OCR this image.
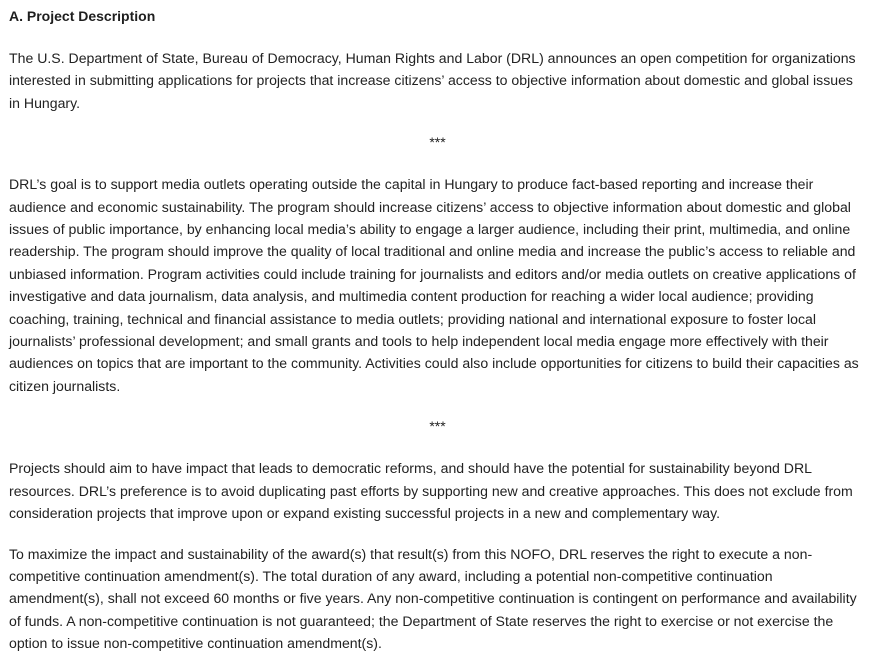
A. Project Description

The U.S. Department of State, Bureau of Democracy, Human Rights and Labor (DRL) announces an open competition for organizations interested in submitting applications for projects that increase citizens’ access to objective information about domestic and global issues in Hungary.

***

DRL’s goal is to support media outlets operating outside the capital in Hungary to produce fact-based reporting and increase their audience and economic sustainability. The program should increase citizens’ access to objective information about domestic and global issues of public importance, by enhancing local media’s ability to engage a larger audience, including their print, multimedia, and online readership. The program should improve the quality of local traditional and online media and increase the public’s access to reliable and unbiased information. Program activities could include training for journalists and editors and/or media outlets on creative applications of investigative and data journalism, data analysis, and multimedia content production for reaching a wider local audience; providing coaching, training, technical and financial assistance to media outlets; providing national and international exposure to foster local journalists’ professional development; and small grants and tools to help independent local media engage more effectively with their audiences on topics that are important to the community. Activities could also include opportunities for citizens to build their capacities as citizen journalists.

***

Projects should aim to have impact that leads to democratic reforms, and should have the potential for sustainability beyond DRL resources. DRL’s preference is to avoid duplicating past efforts by supporting new and creative approaches. This does not exclude from consideration projects that improve upon or expand existing successful projects in a new and complementary way.

To maximize the impact and sustainability of the award(s) that result(s) from this NOFO, DRL reserves the right to execute a non-competitive continuation amendment(s). The total duration of any award, including a potential non-competitive continuation amendment(s), shall not exceed 60 months or five years. Any non-competitive continuation is contingent on performance and availability of funds. A non-competitive continuation is not guaranteed; the Department of State reserves the right to exercise or not exercise the option to issue non-competitive continuation amendment(s).
